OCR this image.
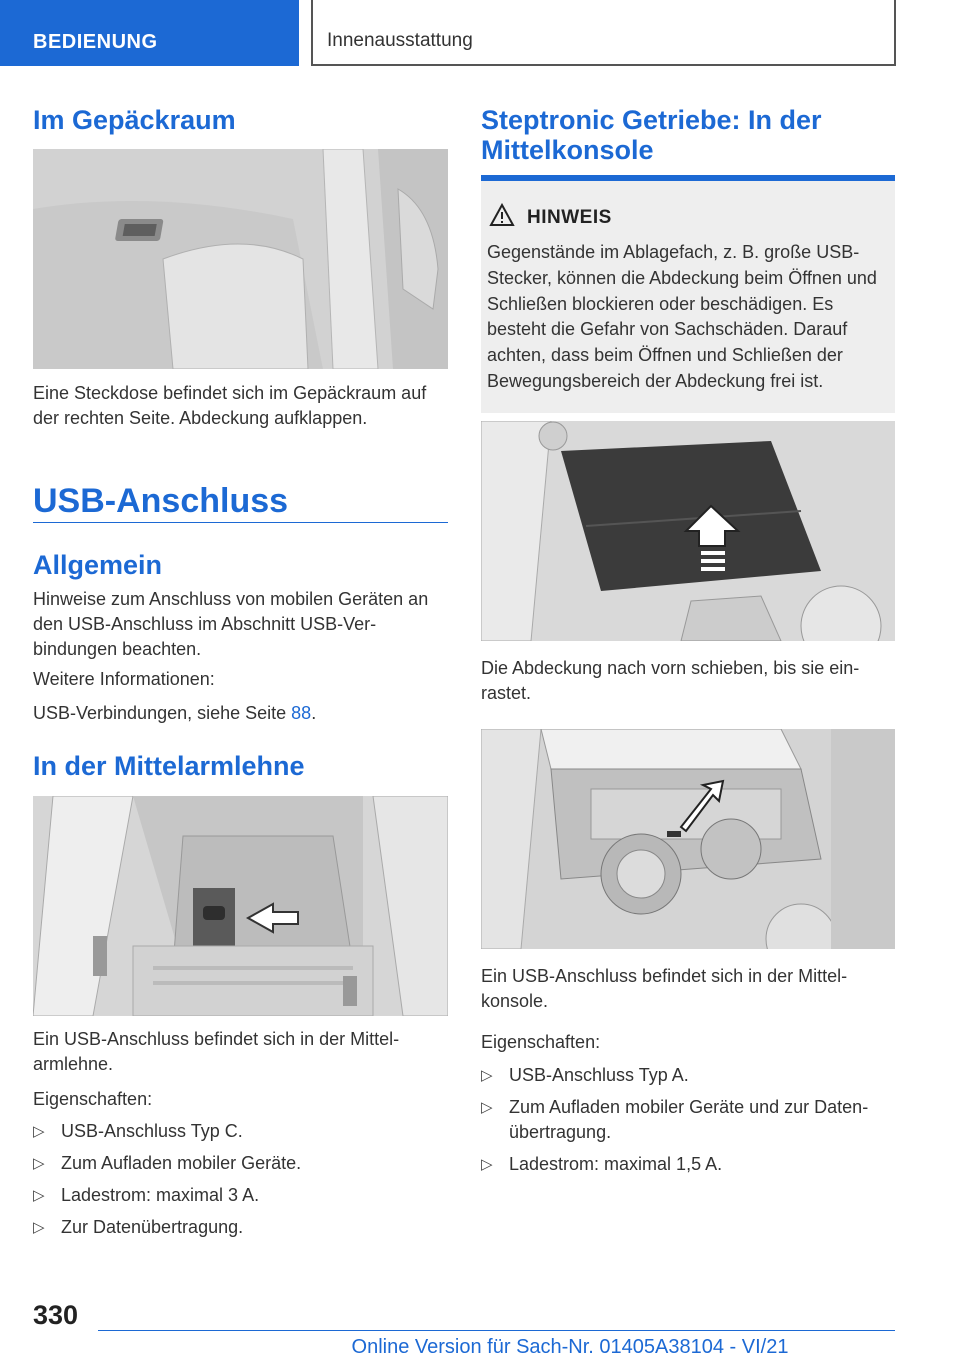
BEDIENUNG	Innenausstattung
Im Gepäckraum

Eine Steckdose befindet sich im Gepäckraum auf der rechten Seite. Abdeckung aufklappen.

USB-Anschluss
Allgemein

Hinweise zum Anschluss von mobilen Geräten an den USB-Anschluss im Abschnitt USB-Verbindungen beachten.

Weitere Informationen:

USB-Verbindungen, siehe Seite 88.

In der Mittelarmlehne

Ein USB-Anschluss befindet sich in der Mittelarmlehne.

Eigenschaften:

▷ USB-Anschluss Typ C.
▷ Zum Aufladen mobiler Geräte.
▷ Ladestrom: maximal 3 A.
▷ Zur Datenübertragung.
Steptronic Getriebe: In der Mittelkonsole
HINWEIS
Gegenstände im Ablagefach, z. B. große USB-Stecker, können die Abdeckung beim Öffnen und Schließen blockieren oder beschädigen. Es besteht die Gefahr von Sachschäden. Darauf achten, dass beim Öffnen und Schließen der Bewegungsbereich der Abdeckung frei ist.

Die Abdeckung nach vorn schieben, bis sie einrastet.

Ein USB-Anschluss befindet sich in der Mittelkonsole.

Eigenschaften:

▷ USB-Anschluss Typ A.
▷ Zum Aufladen mobiler Geräte und zur Datenübertragung.
▷ Ladestrom: maximal 1,5 A.
330
Online Version für Sach-Nr. 01405A38104 - VI/21
